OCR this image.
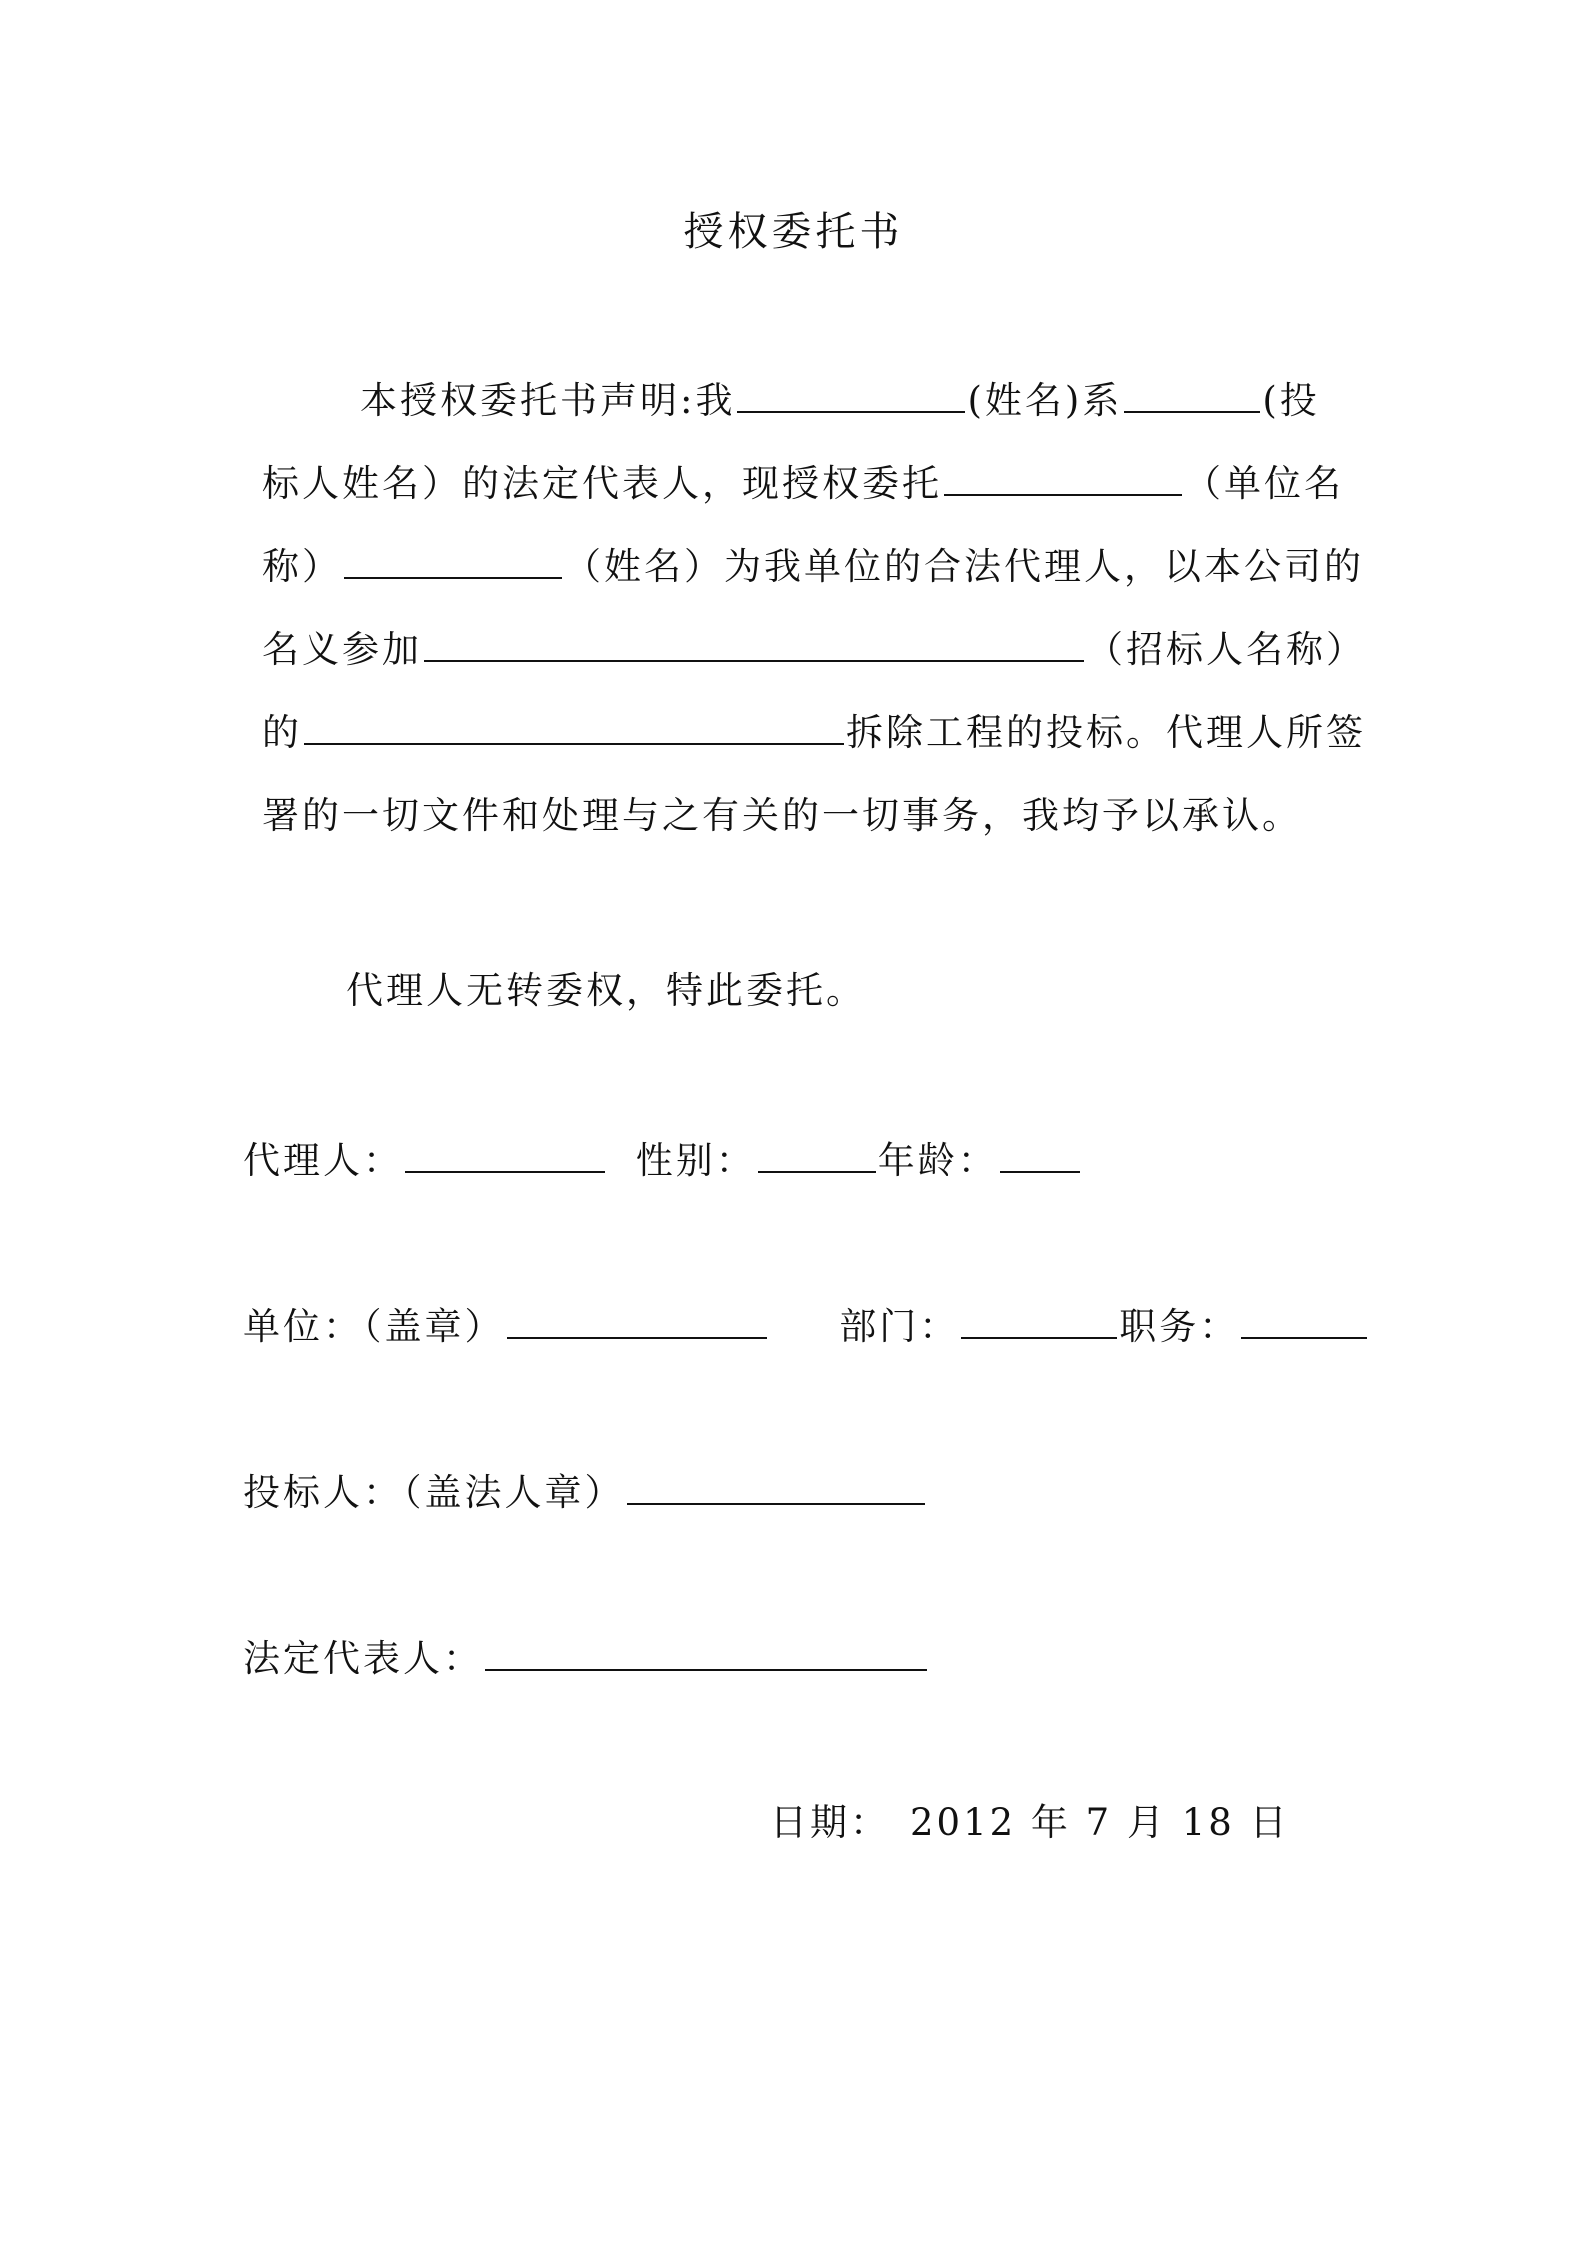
授权委托书
本授权委托书声明:我	(姓名)系	(投
标人姓名）的法定代表人，现授权委托	（单位名
称）	（姓名）为我单位的合法代理人，以本公司的
名义参加	（招标人名称）
的	拆除工程的投标。代理人所签
署的一切文件和处理与之有关的一切事务，我均予以承认。
代理人无转委权，特此委托。
代理人：	性别：	年龄：
单位：（盖章）	部门：	职务：
投标人：（盖法人章）
法定代表人：
日期： 2012 年 7 月 18 日
